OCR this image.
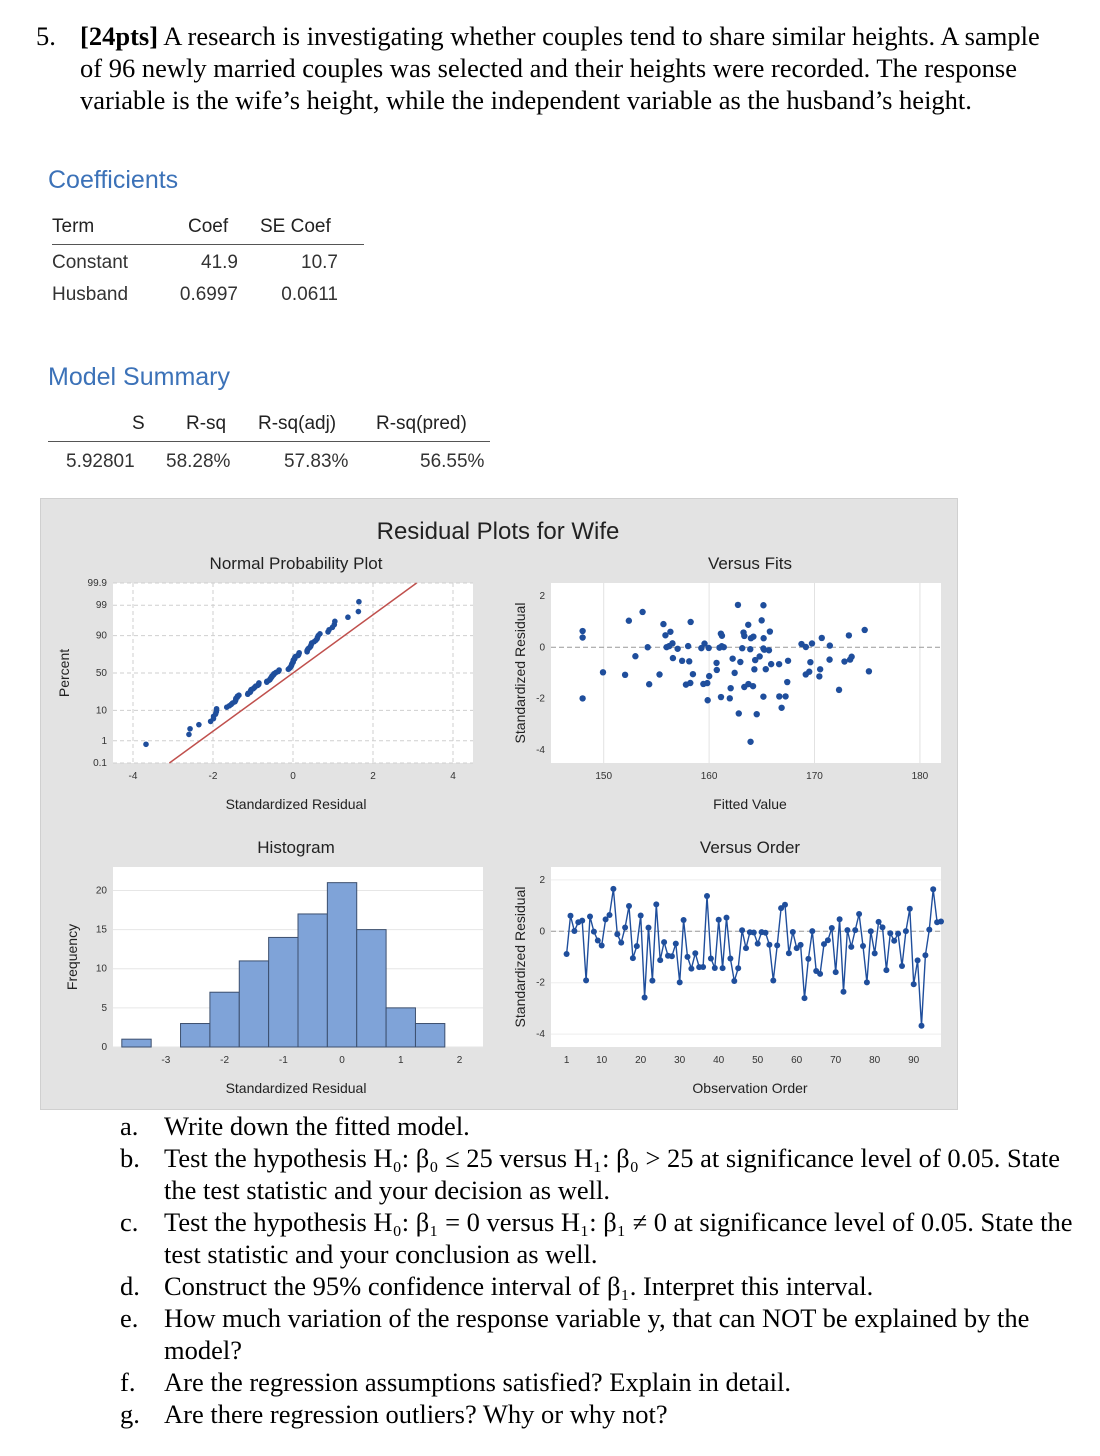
5. [24pts] A research is investigating whether couples tend to share similar heights. A sample of 96 newly married couples was selected and their heights were recorded. The response variable is the wife’s height, while the independent variable as the husband’s height.
Coefficients
Term	Coef SE Coef
Constant	41.9	10.7
Husband	0.6997 0.0611
Model Summary
S R-sq R-sq(adj) R-sq(pred)
5.92801 58.28%	57.83%	56.55%
Residual Plots for Wife
Normal Probability Plot
-4	-2	0	2	4
99.9
99
90
50
10
1
0.1
Standardized Residual
Percent
Versus Fits
150	160	170	180
2
0
-2
-4
Fitted Value
Standardized Residual
Histogram
-3	-2	-1	0	1	2
20
15
10
5
0
Standardized Residual
Frequency
Versus Order
1	10	20	30	40	50	60	70	80	90
2
0
-2
-4
Observation Order
Standardized Residual
a. Write down the fitted model.
b. Test the hypothesis H₀: β₀ ≤ 25 versus H₁: β₀ > 25 at significance level of 0.05. State the test statistic and your decision as well.
c. Test the hypothesis H₀: β₁ = 0 versus H₁: β₁ ≠ 0 at significance level of 0.05. State the test statistic and your conclusion as well.
d. Construct the 95% confidence interval of β₁. Interpret this interval.
e. How much variation of the response variable y, that can NOT be explained by the model?
f. Are the regression assumptions satisfied? Explain in detail.
g. Are there regression outliers? Why or why not?
